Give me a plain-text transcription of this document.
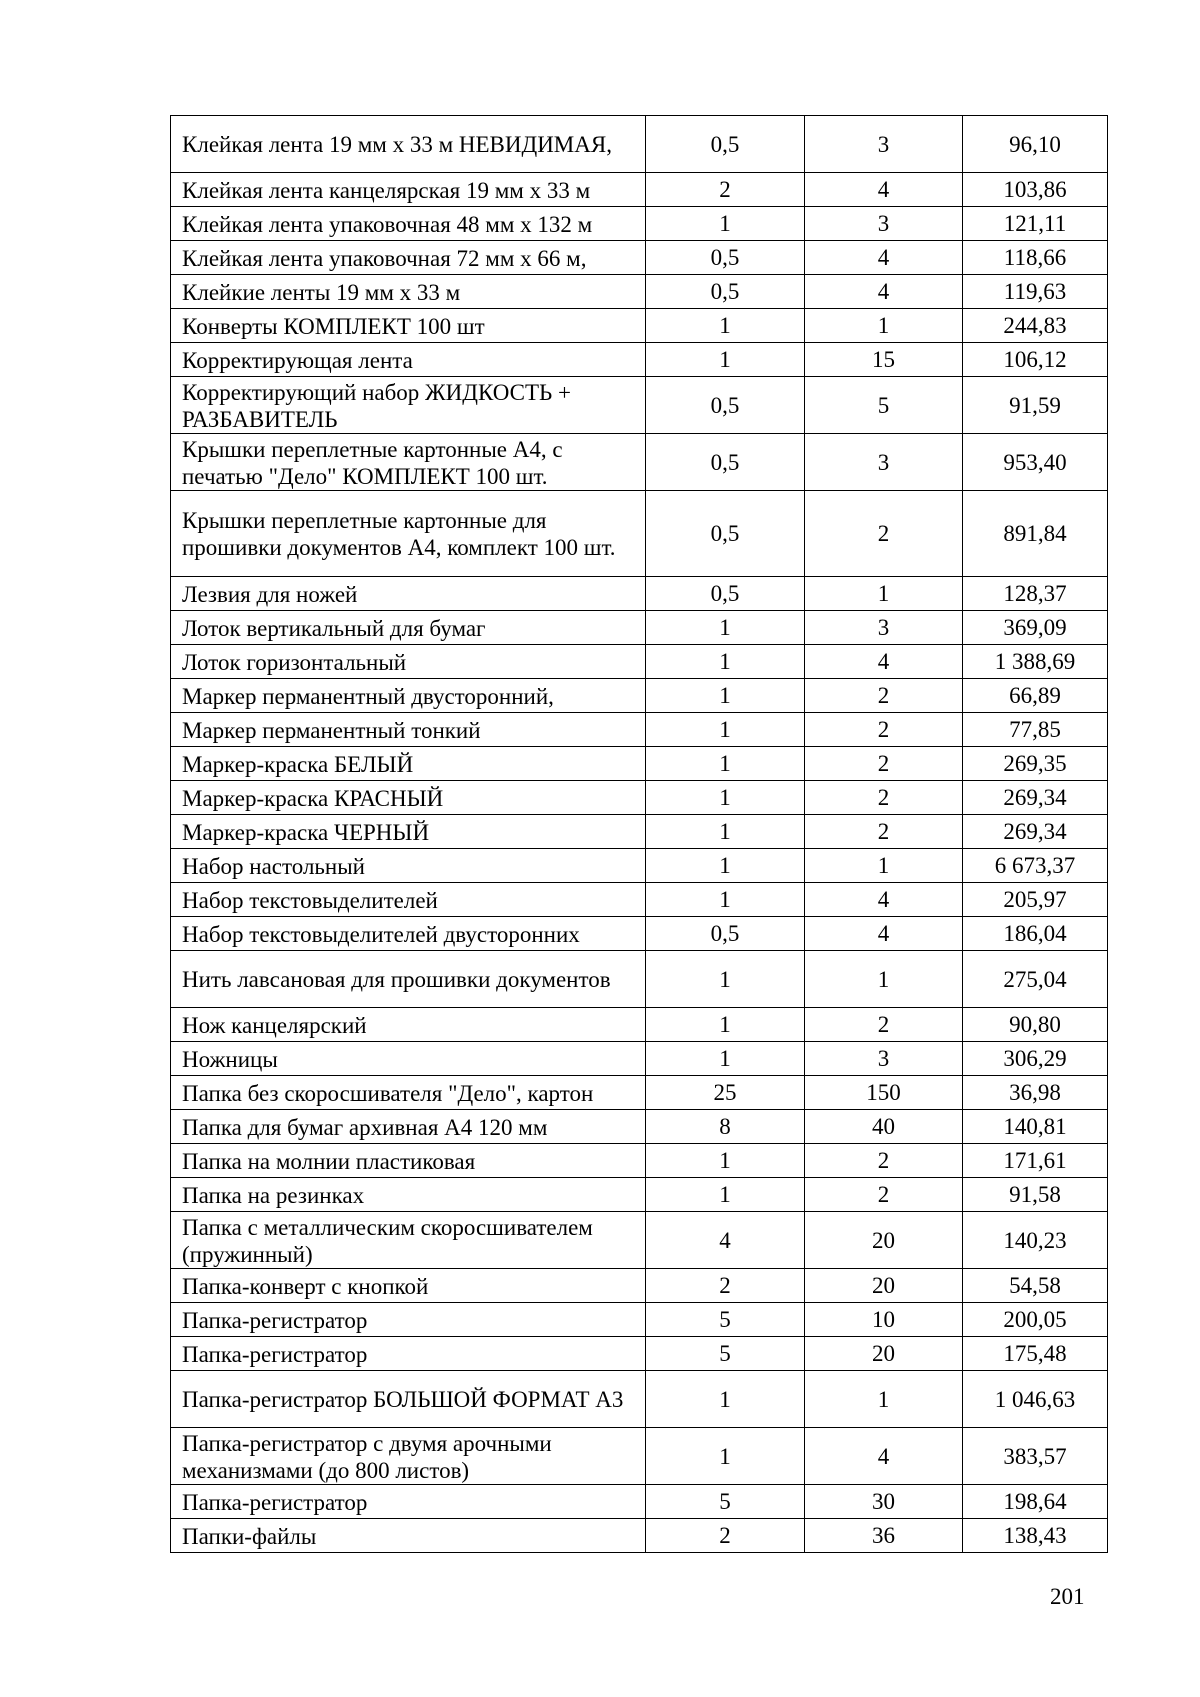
Клейкая лента 19 мм х 33 м НЕВИДИМАЯ,	0,5	3	96,10
Клейкая лента канцелярская 19 мм х 33 м	2	4	103,86
Клейкая лента упаковочная 48 мм х 132 м	1	3	121,11
Клейкая лента упаковочная 72 мм х 66 м,	0,5	4	118,66
Клейкие ленты 19 мм х 33 м	0,5	4	119,63
Конверты КОМПЛЕКТ 100 шт	1	1	244,83
Корректирующая лента	1	15	106,12
Корректирующий набор ЖИДКОСТЬ + РАЗБАВИТЕЛЬ	0,5	5	91,59
Крышки переплетные картонные А4, с печатью "Дело" КОМПЛЕКТ 100 шт.	0,5	3	953,40
Крышки переплетные картонные для прошивки документов А4, комплект 100 шт.	0,5	2	891,84
Лезвия для ножей	0,5	1	128,37
Лоток вертикальный для бумаг	1	3	369,09
Лоток горизонтальный	1	4	1 388,69
Маркер перманентный двусторонний,	1	2	66,89
Маркер перманентный тонкий	1	2	77,85
Маркер-краска БЕЛЫЙ	1	2	269,35
Маркер-краска КРАСНЫЙ	1	2	269,34
Маркер-краска ЧЕРНЫЙ	1	2	269,34
Набор настольный	1	1	6 673,37
Набор текстовыделителей	1	4	205,97
Набор текстовыделителей двусторонних	0,5	4	186,04
Нить лавсановая для прошивки документов	1	1	275,04
Нож канцелярский	1	2	90,80
Ножницы	1	3	306,29
Папка без скоросшивателя "Дело", картон	25	150	36,98
Папка для бумаг архивная А4 120 мм	8	40	140,81
Папка на молнии пластиковая	1	2	171,61
Папка на резинках	1	2	91,58
Папка с металлическим скоросшивателем (пружинный)	4	20	140,23
Папка-конверт с кнопкой	2	20	54,58
Папка-регистратор	5	10	200,05
Папка-регистратор	5	20	175,48
Папка-регистратор БОЛЬШОЙ ФОРМАТ А3	1	1	1 046,63
Папка-регистратор с двумя арочными механизмами (до 800 листов)	1	4	383,57
Папка-регистратор	5	30	198,64
Папки-файлы	2	36	138,43
201
